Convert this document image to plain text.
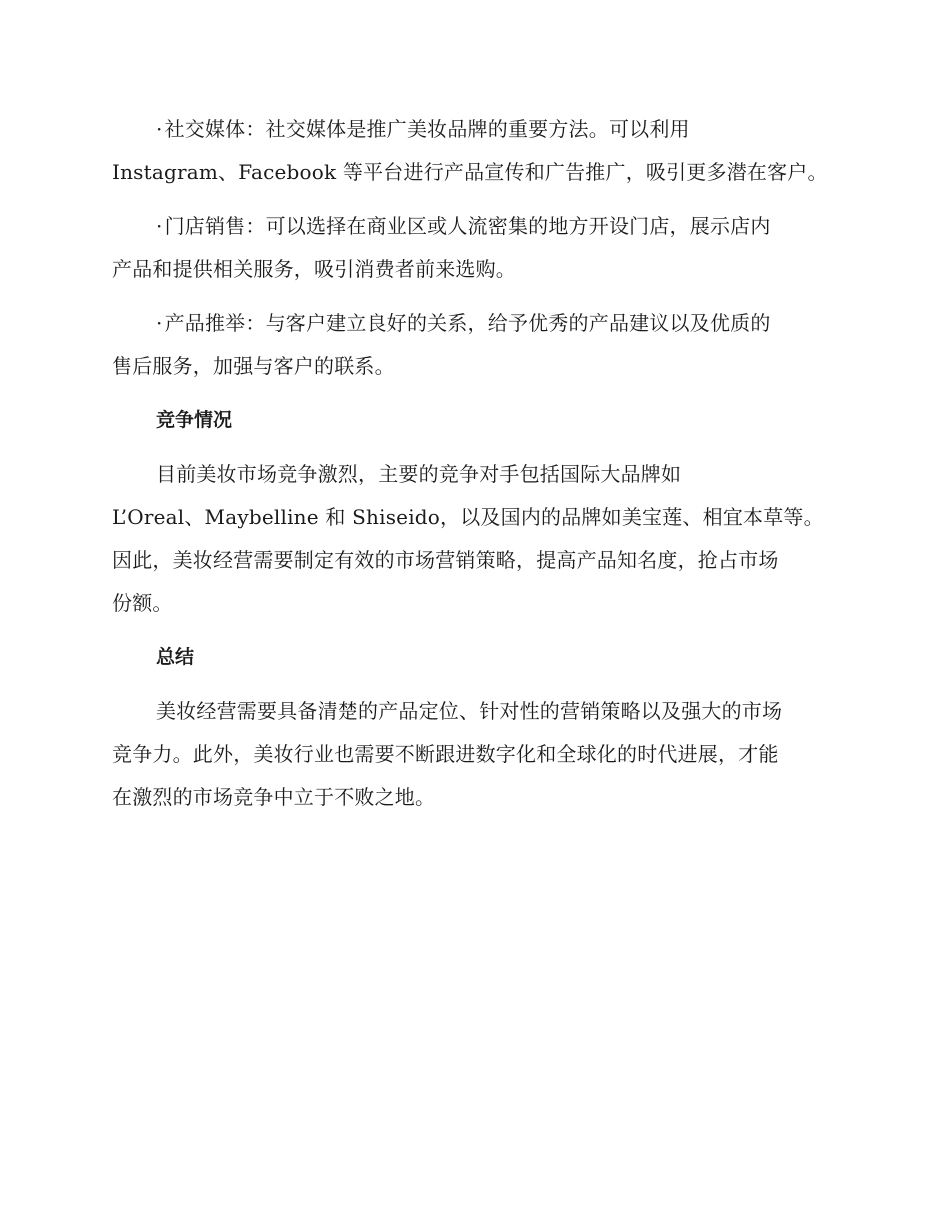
· 社交媒体：社交媒体是推广美妆品牌的重要方法。可以利用
Instagram、Facebook 等平台进行产品宣传和广告推广，吸引更多潜在客户。
· 门店销售：可以选择在商业区或人流密集的地方开设门店，展示店内
产品和提供相关服务，吸引消费者前来选购。
· 产品推举：与客户建立良好的关系，给予优秀的产品建议以及优质的
售后服务，加强与客户的联系。
竞争情况
目前美妆市场竞争激烈，主要的竞争对手包括国际大品牌如
L’Oreal、Maybelline 和 Shiseido，以及国内的品牌如美宝莲、相宜本草等。
因此，美妆经营需要制定有效的市场营销策略，提高产品知名度，抢占市场
份额。
总结
美妆经营需要具备清楚的产品定位、针对性的营销策略以及强大的市场
竞争力。此外，美妆行业也需要不断跟进数字化和全球化的时代进展，才能
在激烈的市场竞争中立于不败之地。
